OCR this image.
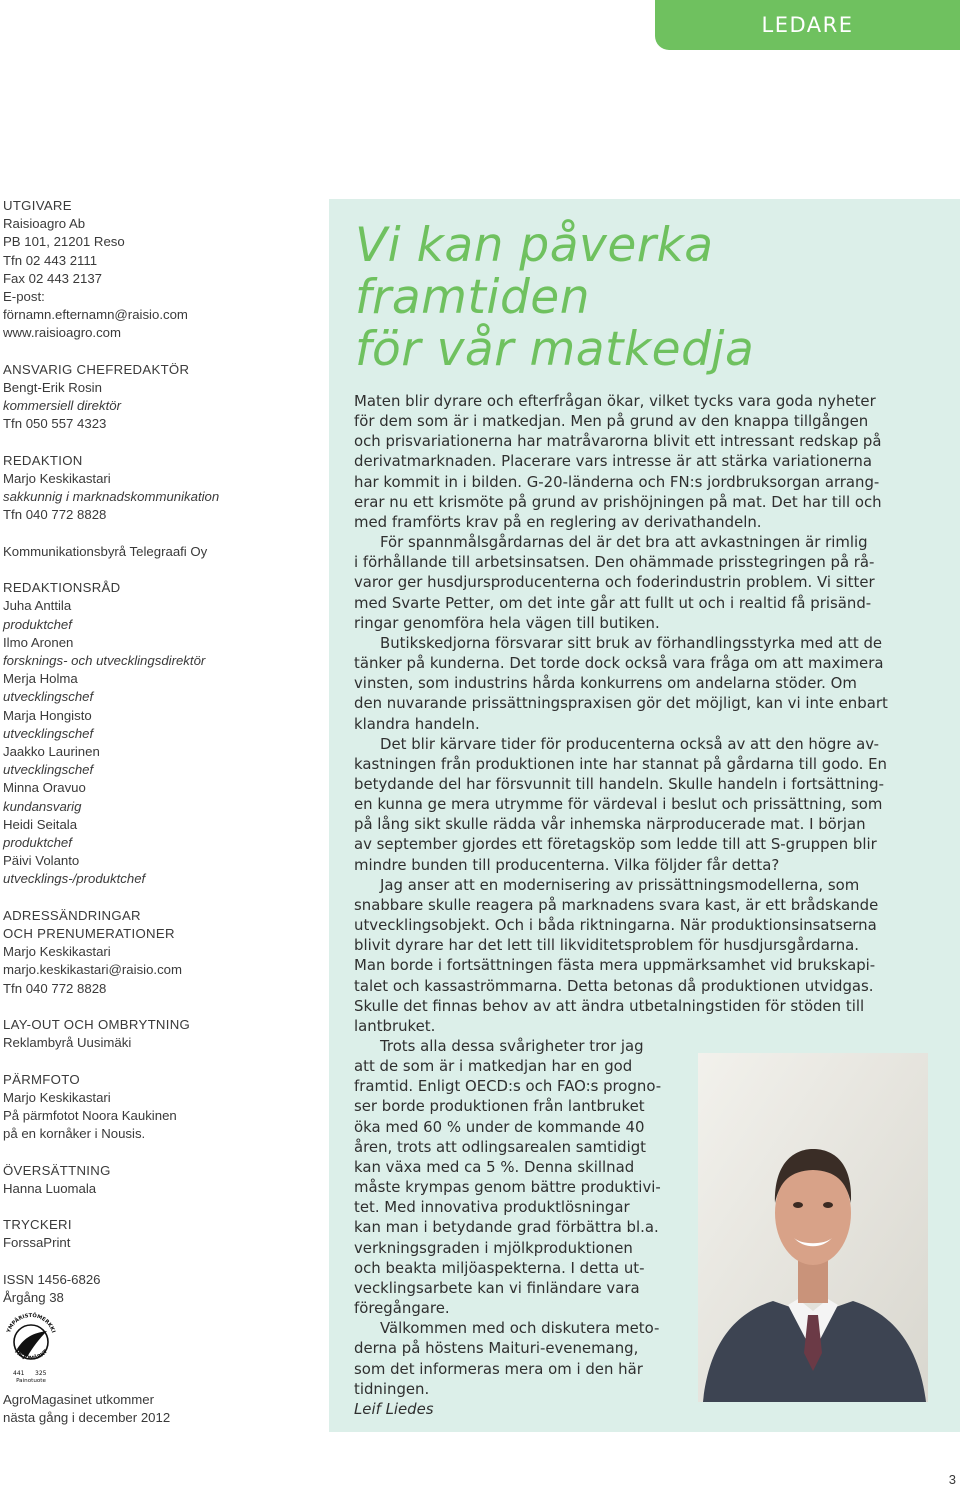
LEDARE
UTGIVARE
Raisioagro Ab
PB 101, 21201 Reso
Tfn 02 443 2111
Fax 02 443 2137
E-post:
förnamn.efternamn@raisio.com
www.raisioagro.com
ANSVARIG CHEFREDAKTÖR
Bengt-Erik Rosin
kommersiell direktör
Tfn 050 557 4323
REDAKTION
Marjo Keskikastari
sakkunnig i marknadskommunikation
Tfn 040 772 8828
Kommunikationsbyrå Telegraafi Oy
REDAKTIONSRÅD
Juha Anttila
produktchef
Ilmo Aronen
forsknings- och utvecklingsdirektör
Merja Holma
utvecklingschef
Marja Hongisto
utvecklingschef
Jaakko Laurinen
utvecklingschef
Minna Oravuo
kundansvarig
Heidi Seitala
produktchef
Päivi Volanto
utvecklings-/produktchef
ADRESSÄNDRINGAR
OCH PRENUMERATIONER
Marjo Keskikastari
marjo.keskikastari@raisio.com
Tfn 040 772 8828
LAY-OUT OCH OMBRYTNING
Reklambyrå Uusimäki
PÄRMFOTO
Marjo Keskikastari
På pärmfotot Noora Kaukinen
på en kornåker i Nousis.
ÖVERSÄTTNING
Hanna Luomala
TRYCKERI
ForssaPrint
ISSN 1456-6826
Årgång 38
YMPÄRISTÖMERKKI
MILJÖMÄRKT
441 325
Painotuote
AgroMagasinet utkommer
nästa gång i december 2012
Vi kan påverka
framtiden
för vår matkedja
Maten blir dyrare och efterfrågan ökar, vilket tycks vara goda nyheter
för dem som är i matkedjan. Men på grund av den knappa tillgången
och prisvariationerna har matråvarorna blivit ett intressant redskap på
derivatmarknaden. Placerare vars intresse är att stärka variationerna
har kommit in i bilden. G-20-länderna och FN:s jordbruksorgan arrang-
erar nu ett krismöte på grund av prishöjningen på mat. Det har till och
med framförts krav på en reglering av derivathandeln.
För spannmålsgårdarnas del är det bra att avkastningen är rimlig
i förhållande till arbetsinsatsen. Den ohämmade prisstegringen på rå-
varor ger husdjursproducenterna och foderindustrin problem. Vi sitter
med Svarte Petter, om det inte går att fullt ut och i realtid få prisänd-
ringar genomföra hela vägen till butiken.
Butikskedjorna försvarar sitt bruk av förhandlingsstyrka med att de
tänker på kunderna. Det torde dock också vara fråga om att maximera
vinsten, som industrins hårda konkurrens om andelarna stöder. Om
den nuvarande prissättningspraxisen gör det möjligt, kan vi inte enbart
klandra handeln.
Det blir kärvare tider för producenterna också av att den högre av-
kastningen från produktionen inte har stannat på gårdarna till godo. En
betydande del har försvunnit till handeln. Skulle handeln i fortsättning-
en kunna ge mera utrymme för värdeval i beslut och prissättning, som
på lång sikt skulle rädda vår inhemska närproducerade mat. I början
av september gjordes ett företagsköp som ledde till att S-gruppen blir
mindre bunden till producenterna. Vilka följder får detta?
Jag anser att en modernisering av prissättningsmodellerna, som
snabbare skulle reagera på marknadens svara kast, är ett brådskande
utvecklingsobjekt. Och i båda riktningarna. När produktionsinsatserna
blivit dyrare har det lett till likviditetsproblem för husdjursgårdarna.
Man borde i fortsättningen fästa mera uppmärksamhet vid brukskapi-
talet och kassaströmmarna. Detta betonas då produktionen utvidgas.
Skulle det finnas behov av att ändra utbetalningstiden för stöden till
lantbruket.
Trots alla dessa svårigheter tror jag
att de som är i matkedjan har en god
framtid. Enligt OECD:s och FAO:s progno-
ser borde produktionen från lantbruket
öka med 60 % under de kommande 40
åren, trots att odlingsarealen samtidigt
kan växa med ca 5 %. Denna skillnad
måste krympas genom bättre produktivi-
tet. Med innovativa produktlösningar
kan man i betydande grad förbättra bl.a.
verkningsgraden i mjölkproduktionen
och beakta miljöaspekterna. I detta ut-
vecklingsarbete kan vi finländare vara
föregångare.
Välkommen med och diskutera meto-
derna på höstens Maituri-evenemang,
som det informeras mera om i den här
tidningen.
Leif Liedes
3
